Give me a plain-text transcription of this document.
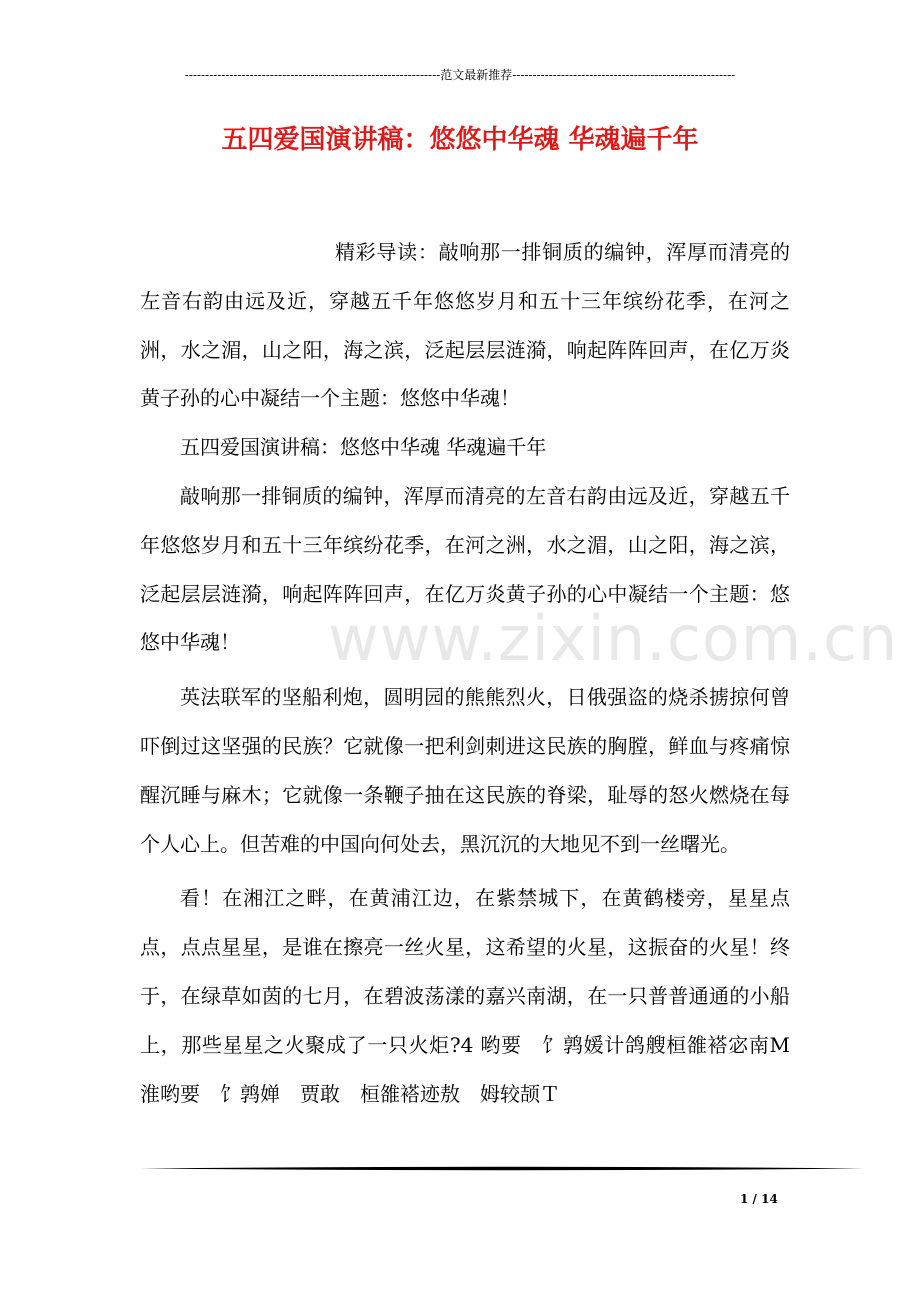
---------------------------------------------------------------范文最新推荐-------------------------------------------------------
五四爱国演讲稿：悠悠中华魂 华魂遍千年

精彩导读：敲响那一排铜质的编钟，浑厚而清亮的左音右韵由远及近，穿越五千年悠悠岁月和五十三年缤纷花季，在河之洲，水之湄，山之阳，海之滨，泛起层层涟漪，响起阵阵回声，在亿万炎黄子孙的心中凝结一个主题：悠悠中华魂！

五四爱国演讲稿：悠悠中华魂 华魂遍千年

敲响那一排铜质的编钟，浑厚而清亮的左音右韵由远及近，穿越五千年悠悠岁月和五十三年缤纷花季，在河之洲，水之湄，山之阳，海之滨，泛起层层涟漪，响起阵阵回声，在亿万炎黄子孙的心中凝结一个主题：悠悠中华魂！

英法联军的坚船利炮，圆明园的熊熊烈火，日俄强盗的烧杀掳掠何曾吓倒过这坚强的民族？它就像一把利剑刺进这民族的胸膛，鲜血与疼痛惊醒沉睡与麻木；它就像一条鞭子抽在这民族的脊梁，耻辱的怒火燃烧在每个人心上。但苦难的中国向何处去，黑沉沉的大地见不到一丝曙光。

看！在湘江之畔，在黄浦江边，在紫禁城下，在黄鹤楼旁，星星点点，点点星星，是谁在擦亮一丝火星，这希望的火星，这振奋的火星！终于，在绿草如茵的七月，在碧波荡漾的嘉兴南湖，在一只普普通通的小船上，那些星星之火聚成了一只火炬?4 哟要　饣鹑媛计鸽艘桓雒褡宓南M　淮哟要　饣鹑婵　贾敢　桓雒褡迹敖　姆较颉Ｔ

www.zixin.com.cn
1 / 14
